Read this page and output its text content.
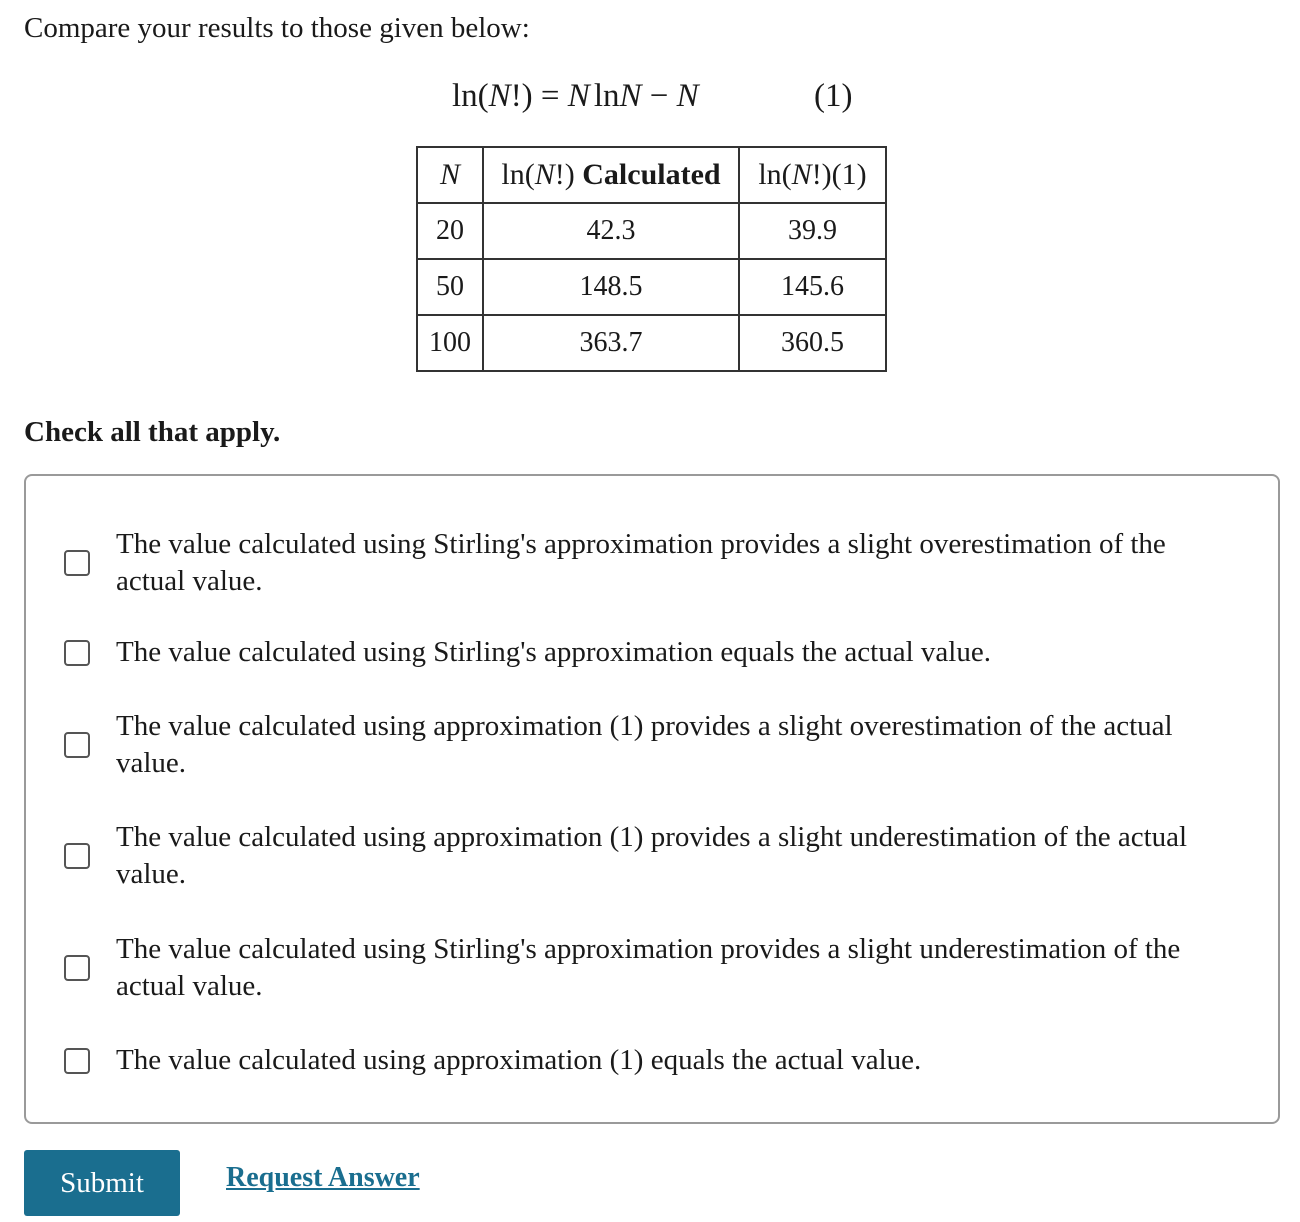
Compare your results to those given below:
ln(N!) = N lnN − N	(1)
N	ln(N!) Calculated	ln(N!)(1)
20	42.3	39.9
50	148.5	145.6
100	363.7	360.5
Check all that apply.
The value calculated using Stirling's approximation provides a slight overestimation of the actual value.
The value calculated using Stirling's approximation equals the actual value.
The value calculated using approximation (1) provides a slight overestimation of the actual value.
The value calculated using approximation (1) provides a slight underestimation of the actual value.
The value calculated using Stirling's approximation provides a slight underestimation of the actual value.
The value calculated using approximation (1) equals the actual value.
Submit	Request Answer
